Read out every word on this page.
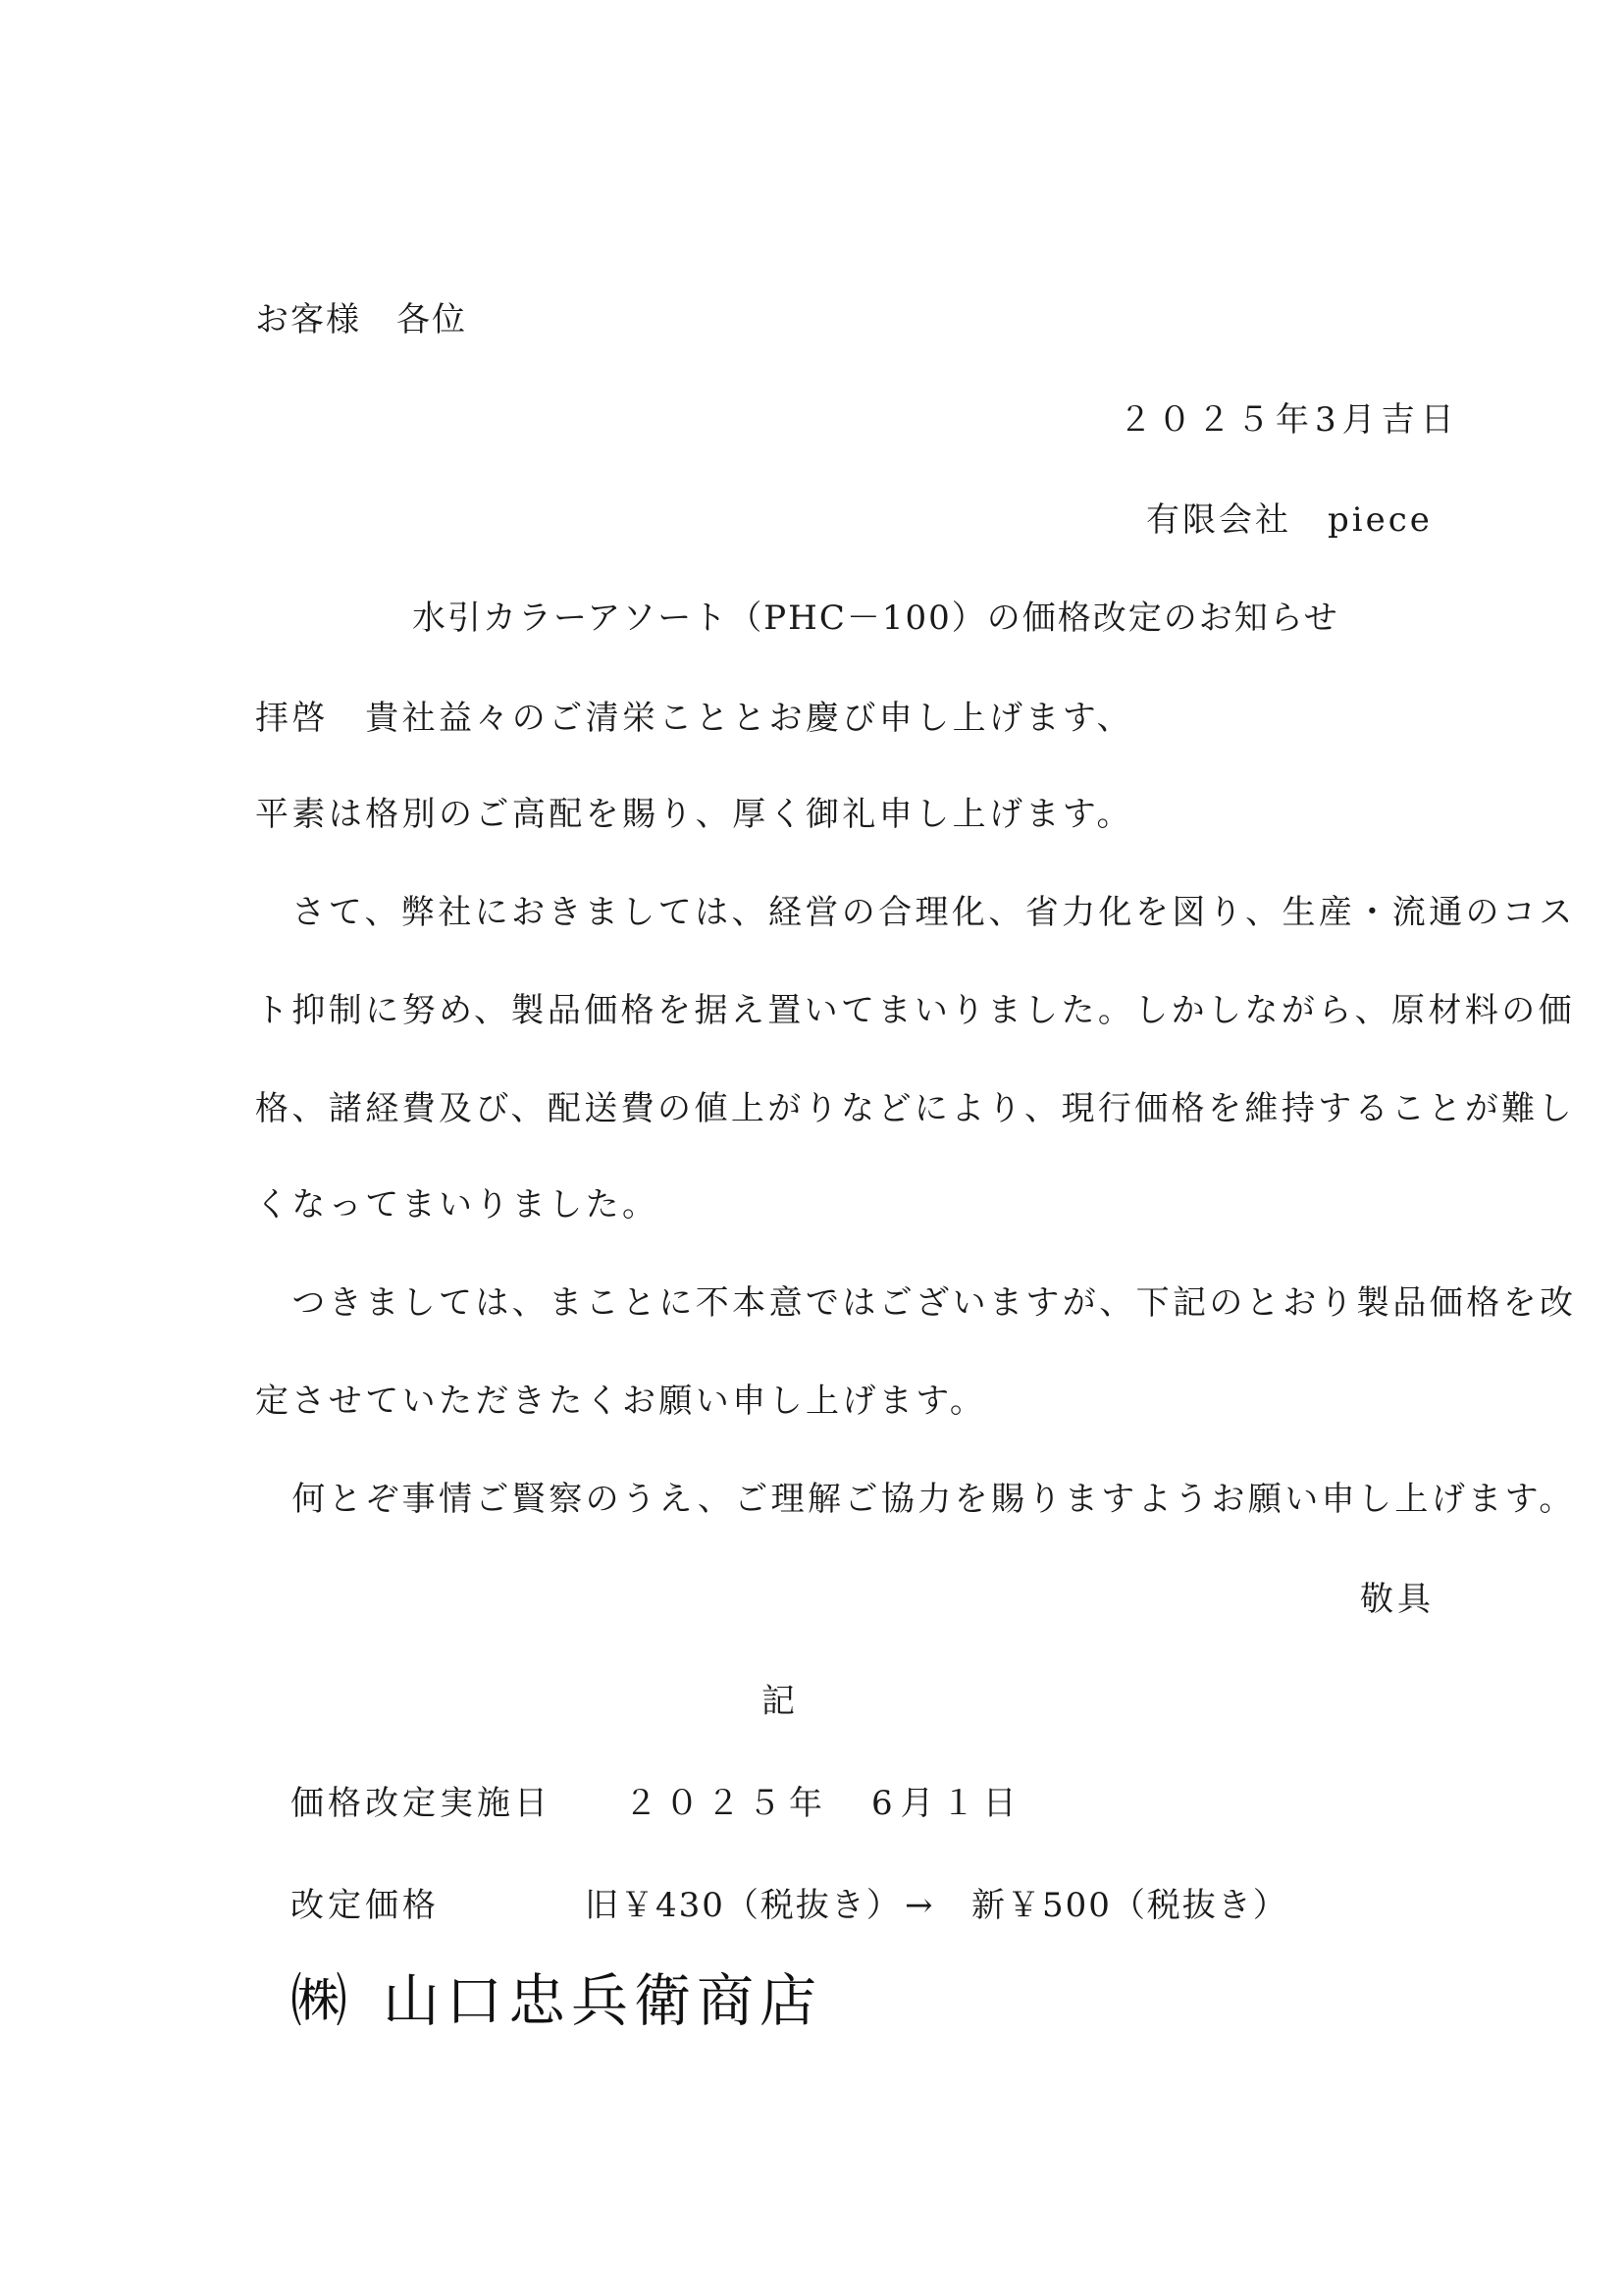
お客様　各位
２０２５年3月吉日
有限会社　piece
水引カラーアソート（PHC－100）の価格改定のお知らせ
拝啓　貴社益々のご清栄こととお慶び申し上げます、
平素は格別のご高配を賜り、厚く御礼申し上げます。
　さて、弊社におきましては、経営の合理化、省力化を図り、生産・流通のコス
ト抑制に努め、製品価格を据え置いてまいりました。しかしながら、原材料の価
格、諸経費及び、配送費の値上がりなどにより、現行価格を維持することが難し
くなってまいりました。
　つきましては、まことに不本意ではございますが、下記のとおり製品価格を改
定させていただきたくお願い申し上げます。
　何とぞ事情ご賢察のうえ、ご理解ご協力を賜りますようお願い申し上げます。
敬具
記
価格改定実施日 ２０２５年　6月１日
改定価格	旧￥430（税抜き） → 新￥500（税抜き）
㈱ 山口忠兵衛商店
